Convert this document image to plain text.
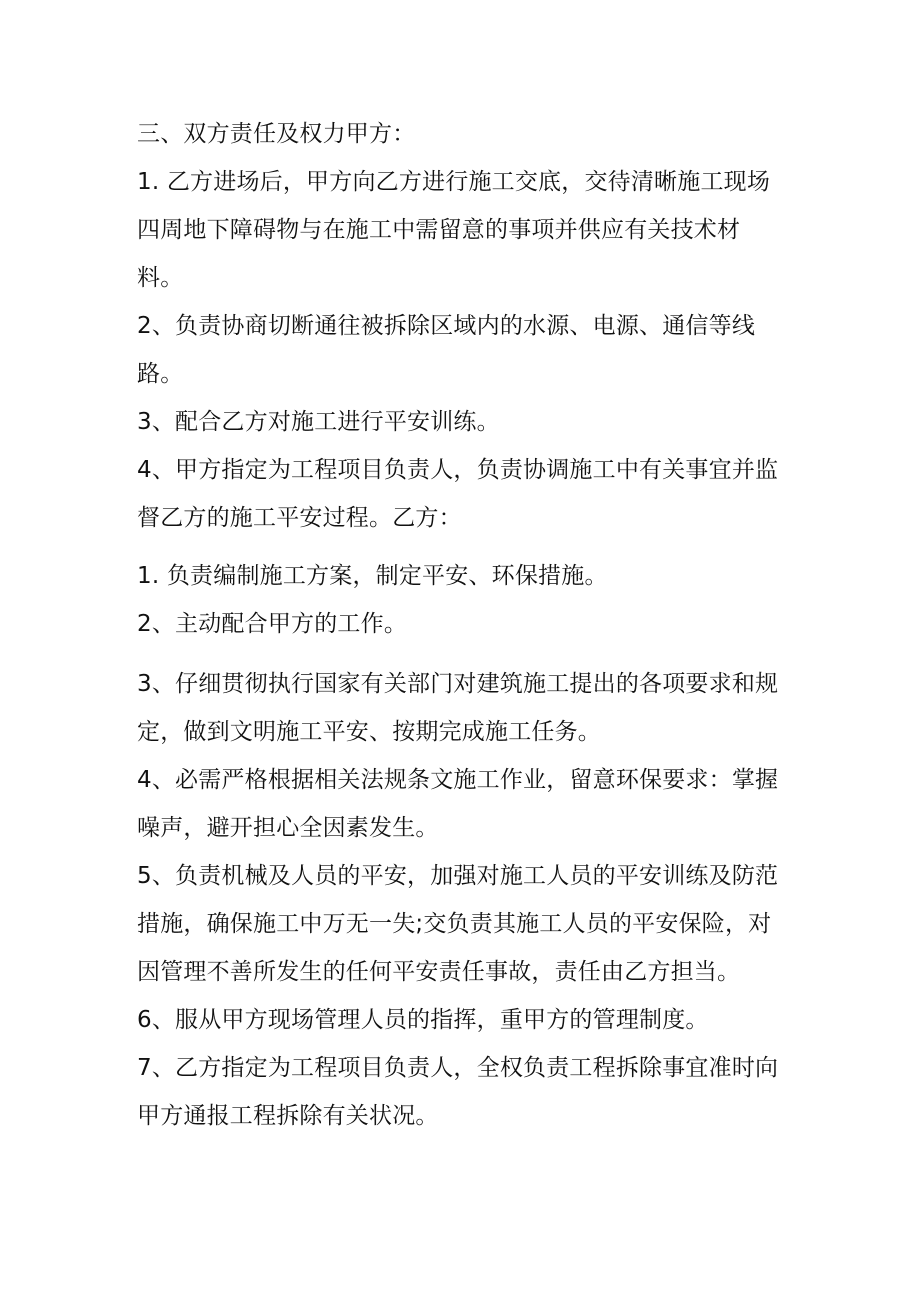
三、双方责任及权力甲方：
1. 乙方进场后，甲方向乙方进行施工交底，交待清晰施工现场
四周地下障碍物与在施工中需留意的事项并供应有关技术材
料。
2、负责协商切断通往被拆除区域内的水源、电源、通信等线
路。
3、配合乙方对施工进行平安训练。
4、甲方指定为工程项目负责人，负责协调施工中有关事宜并监
督乙方的施工平安过程。乙方：
1. 负责编制施工方案，制定平安、环保措施。
2、主动配合甲方的工作。
3、仔细贯彻执行国家有关部门对建筑施工提出的各项要求和规
定，做到文明施工平安、按期完成施工任务。
4、必需严格根据相关法规条文施工作业，留意环保要求：掌握
噪声，避开担心全因素发生。
5、负责机械及人员的平安，加强对施工人员的平安训练及防范
措施，确保施工中万无一失;交负责其施工人员的平安保险，对
因管理不善所发生的任何平安责任事故，责任由乙方担当。
6、服从甲方现场管理人员的指挥，重甲方的管理制度。
7、乙方指定为工程项目负责人，全权负责工程拆除事宜准时向
甲方通报工程拆除有关状况。
